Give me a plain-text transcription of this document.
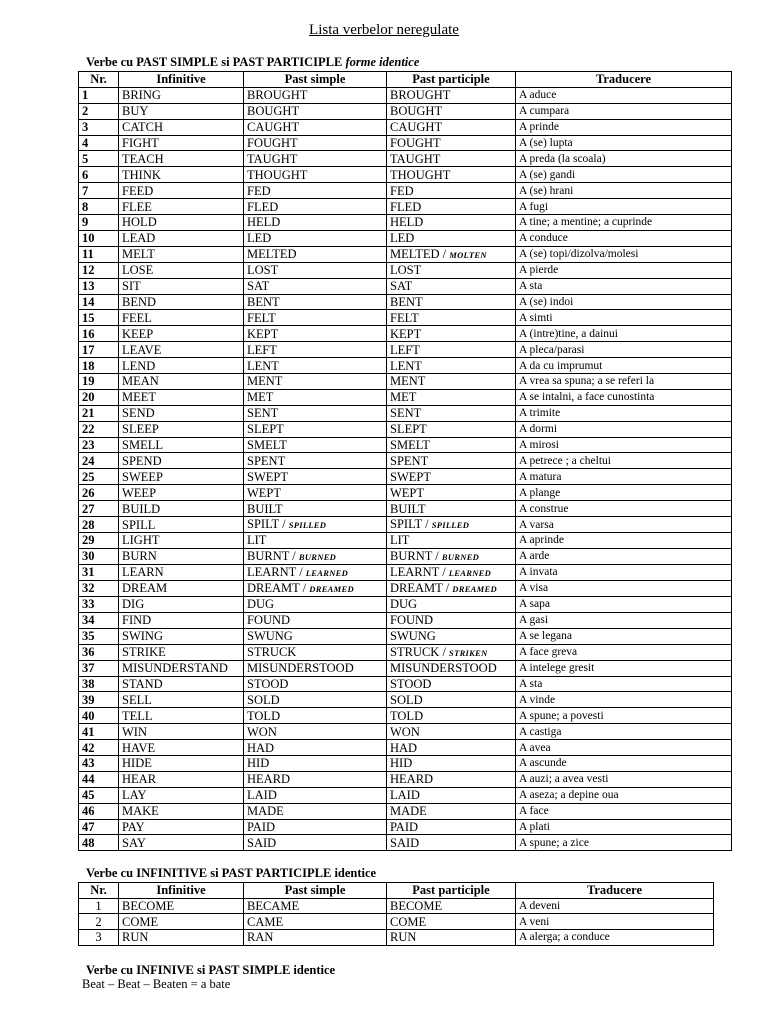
Lista verbelor neregulate
Verbe cu PAST SIMPLE si PAST PARTICIPLE forme identice
Nr.	Infinitive	Past simple	Past participle	Traducere
1	BRING	BROUGHT	BROUGHT	A aduce
2	BUY	BOUGHT	BOUGHT	A cumpara
3	CATCH	CAUGHT	CAUGHT	A prinde
4	FIGHT	FOUGHT	FOUGHT	A (se) lupta
5	TEACH	TAUGHT	TAUGHT	A preda (la scoala)
6	THINK	THOUGHT	THOUGHT	A (se) gandi
7	FEED	FED	FED	A (se) hrani
8	FLEE	FLED	FLED	A fugi
9	HOLD	HELD	HELD	A tine; a mentine; a cuprinde
10	LEAD	LED	LED	A conduce
11	MELT	MELTED	MELTED / MOLTEN	A (se) topi/dizolva/molesi
12	LOSE	LOST	LOST	A pierde
13	SIT	SAT	SAT	A sta
14	BEND	BENT	BENT	A (se) indoi
15	FEEL	FELT	FELT	A simti
16	KEEP	KEPT	KEPT	A (intre)tine, a dainui
17	LEAVE	LEFT	LEFT	A pleca/parasi
18	LEND	LENT	LENT	A da cu imprumut
19	MEAN	MENT	MENT	A vrea sa spuna; a se referi la
20	MEET	MET	MET	A se intalni, a face cunostinta
21	SEND	SENT	SENT	A trimite
22	SLEEP	SLEPT	SLEPT	A dormi
23	SMELL	SMELT	SMELT	A mirosi
24	SPEND	SPENT	SPENT	A petrece ; a cheltui
25	SWEEP	SWEPT	SWEPT	A matura
26	WEEP	WEPT	WEPT	A plange
27	BUILD	BUILT	BUILT	A construe
28	SPILL	SPILT / SPILLED	SPILT / SPILLED	A varsa
29	LIGHT	LIT	LIT	A aprinde
30	BURN	BURNT / BURNED	BURNT / BURNED	A arde
31	LEARN	LEARNT / LEARNED	LEARNT / LEARNED	A invata
32	DREAM	DREAMT / DREAMED	DREAMT / DREAMED	A visa
33	DIG	DUG	DUG	A sapa
34	FIND	FOUND	FOUND	A gasi
35	SWING	SWUNG	SWUNG	A se legana
36	STRIKE	STRUCK	STRUCK / STRIKEN	A face greva
37	MISUNDERSTAND	MISUNDERSTOOD	MISUNDERSTOOD	A intelege gresit
38	STAND	STOOD	STOOD	A sta
39	SELL	SOLD	SOLD	A vinde
40	TELL	TOLD	TOLD	A spune; a povesti
41	WIN	WON	WON	A castiga
42	HAVE	HAD	HAD	A avea
43	HIDE	HID	HID	A ascunde
44	HEAR	HEARD	HEARD	A auzi; a avea vesti
45	LAY	LAID	LAID	A aseza; a depine oua
46	MAKE	MADE	MADE	A face
47	PAY	PAID	PAID	A plati
48	SAY	SAID	SAID	A spune; a zice
Verbe cu INFINITIVE si PAST PARTICIPLE identice
Nr.	Infinitive	Past simple	Past participle	Traducere
1	BECOME	BECAME	BECOME	A deveni
2	COME	CAME	COME	A veni
3	RUN	RAN	RUN	A alerga; a conduce
Verbe cu INFINIVE si PAST SIMPLE identice
Beat – Beat – Beaten = a bate
